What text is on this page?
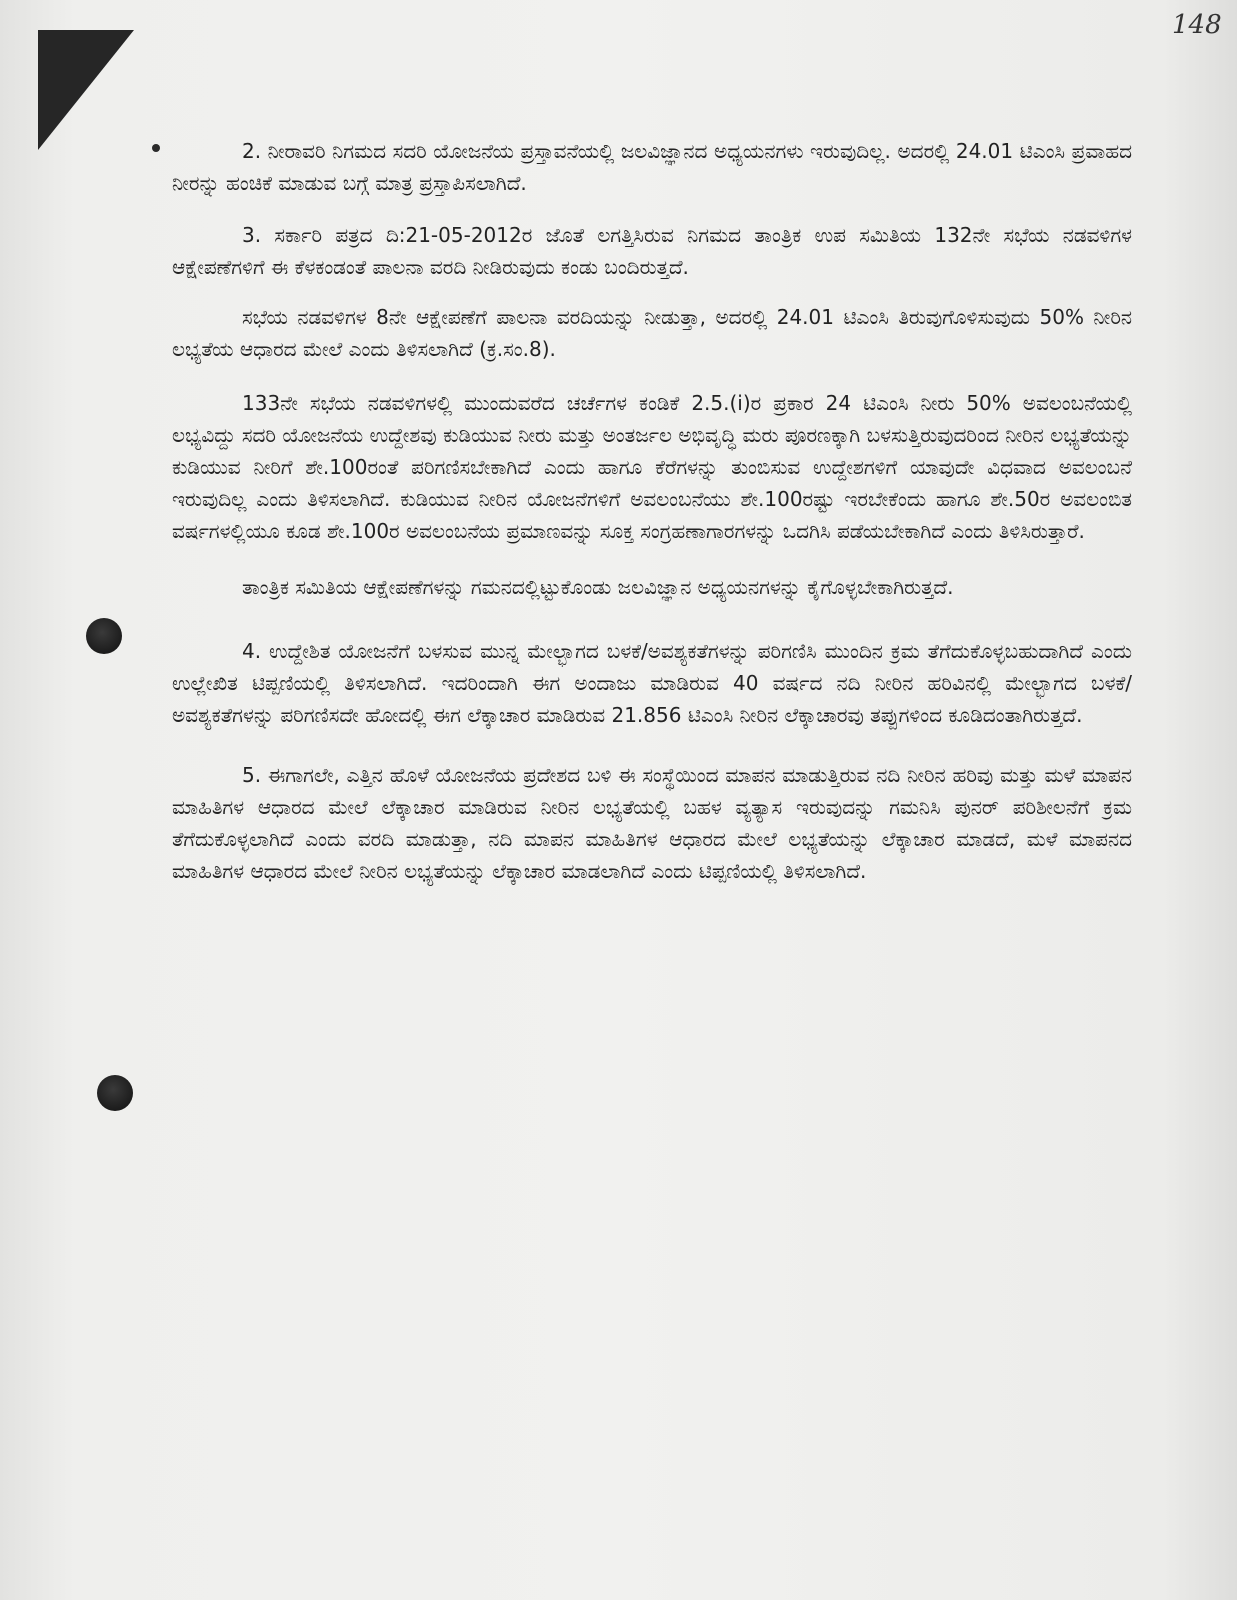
148

2. ನೀರಾವರಿ ನಿಗಮದ ಸದರಿ ಯೋಜನೆಯ ಪ್ರಸ್ತಾವನೆಯಲ್ಲಿ ಜಲವಿಜ್ಞಾನದ ಅಧ್ಯಯನಗಳು ಇರುವುದಿಲ್ಲ. ಅದರಲ್ಲಿ 24.01 ಟಿಎಂಸಿ ಪ್ರವಾಹದ ನೀರನ್ನು ಹಂಚಿಕೆ ಮಾಡುವ ಬಗ್ಗೆ ಮಾತ್ರ ಪ್ರಸ್ತಾಪಿಸಲಾಗಿದೆ.

3. ಸರ್ಕಾರಿ ಪತ್ರದ ದಿ:21-05-2012ರ ಜೊತೆ ಲಗತ್ತಿಸಿರುವ ನಿಗಮದ ತಾಂತ್ರಿಕ ಉಪ ಸಮಿತಿಯ 132ನೇ ಸಭೆಯ ನಡವಳಿಗಳ ಆಕ್ಷೇಪಣೆಗಳಿಗೆ ಈ ಕೆಳಕಂಡಂತೆ ಪಾಲನಾ ವರದಿ ನೀಡಿರುವುದು ಕಂಡು ಬಂದಿರುತ್ತದೆ.

ಸಭೆಯ ನಡವಳಿಗಳ 8ನೇ ಆಕ್ಷೇಪಣೆಗೆ ಪಾಲನಾ ವರದಿಯನ್ನು ನೀಡುತ್ತಾ, ಅದರಲ್ಲಿ 24.01 ಟಿಎಂಸಿ ತಿರುವುಗೊಳಿಸುವುದು 50% ನೀರಿನ ಲಭ್ಯತೆಯ ಆಧಾರದ ಮೇಲೆ ಎಂದು ತಿಳಿಸಲಾಗಿದೆ (ಕ್ರ.ಸಂ.8).

133ನೇ ಸಭೆಯ ನಡವಳಿಗಳಲ್ಲಿ ಮುಂದುವರೆದ ಚರ್ಚೆಗಳ ಕಂಡಿಕೆ 2.5.(i)ರ ಪ್ರಕಾರ 24 ಟಿಎಂಸಿ ನೀರು 50% ಅವಲಂಬನೆಯಲ್ಲಿ ಲಭ್ಯವಿದ್ದು ಸದರಿ ಯೋಜನೆಯ ಉದ್ದೇಶವು ಕುಡಿಯುವ ನೀರು ಮತ್ತು ಅಂತರ್ಜಲ ಅಭಿವೃದ್ಧಿ ಮರು ಪೂರಣಕ್ಕಾಗಿ ಬಳಸುತ್ತಿರುವುದರಿಂದ ನೀರಿನ ಲಭ್ಯತೆಯನ್ನು ಕುಡಿಯುವ ನೀರಿಗೆ ಶೇ.100ರಂತೆ ಪರಿಗಣಿಸಬೇಕಾಗಿದೆ ಎಂದು ಹಾಗೂ ಕೆರೆಗಳನ್ನು ತುಂಬಿಸುವ ಉದ್ದೇಶಗಳಿಗೆ ಯಾವುದೇ ವಿಧವಾದ ಅವಲಂಬನೆ ಇರುವುದಿಲ್ಲ ಎಂದು ತಿಳಿಸಲಾಗಿದೆ. ಕುಡಿಯುವ ನೀರಿನ ಯೋಜನೆಗಳಿಗೆ ಅವಲಂಬನೆಯು ಶೇ.100ರಷ್ಟು ಇರಬೇಕೆಂದು ಹಾಗೂ ಶೇ.50ರ ಅವಲಂಬಿತ ವರ್ಷಗಳಲ್ಲಿಯೂ ಕೂಡ ಶೇ.100ರ ಅವಲಂಬನೆಯ ಪ್ರಮಾಣವನ್ನು ಸೂಕ್ತ ಸಂಗ್ರಹಣಾಗಾರಗಳನ್ನು ಒದಗಿಸಿ ಪಡೆಯಬೇಕಾಗಿದೆ ಎಂದು ತಿಳಿಸಿರುತ್ತಾರೆ.

ತಾಂತ್ರಿಕ ಸಮಿತಿಯ ಆಕ್ಷೇಪಣೆಗಳನ್ನು ಗಮನದಲ್ಲಿಟ್ಟುಕೊಂಡು ಜಲವಿಜ್ಞಾನ ಅಧ್ಯಯನಗಳನ್ನು ಕೈಗೊಳ್ಳಬೇಕಾಗಿರುತ್ತದೆ.

4. ಉದ್ದೇಶಿತ ಯೋಜನೆಗೆ ಬಳಸುವ ಮುನ್ನ ಮೇಲ್ಭಾಗದ ಬಳಕೆ/ಅವಶ್ಯಕತೆಗಳನ್ನು ಪರಿಗಣಿಸಿ ಮುಂದಿನ ಕ್ರಮ ತೆಗೆದುಕೊಳ್ಳಬಹುದಾಗಿದೆ ಎಂದು ಉಲ್ಲೇಖಿತ ಟಿಪ್ಪಣಿಯಲ್ಲಿ ತಿಳಿಸಲಾಗಿದೆ. ಇದರಿಂದಾಗಿ ಈಗ ಅಂದಾಜು ಮಾಡಿರುವ 40 ವರ್ಷದ ನದಿ ನೀರಿನ ಹರಿವಿನಲ್ಲಿ ಮೇಲ್ಭಾಗದ ಬಳಕೆ/ಅವಶ್ಯಕತೆಗಳನ್ನು ಪರಿಗಣಿಸದೇ ಹೋದಲ್ಲಿ ಈಗ ಲೆಕ್ಕಾಚಾರ ಮಾಡಿರುವ 21.856 ಟಿಎಂಸಿ ನೀರಿನ ಲೆಕ್ಕಾಚಾರವು ತಪ್ಪುಗಳಿಂದ ಕೂಡಿದಂತಾಗಿರುತ್ತದೆ.

5. ಈಗಾಗಲೇ, ಎತ್ತಿನ ಹೊಳೆ ಯೋಜನೆಯ ಪ್ರದೇಶದ ಬಳಿ ಈ ಸಂಸ್ಥೆಯಿಂದ ಮಾಪನ ಮಾಡುತ್ತಿರುವ ನದಿ ನೀರಿನ ಹರಿವು ಮತ್ತು ಮಳೆ ಮಾಪನ ಮಾಹಿತಿಗಳ ಆಧಾರದ ಮೇಲೆ ಲೆಕ್ಕಾಚಾರ ಮಾಡಿರುವ ನೀರಿನ ಲಭ್ಯತೆಯಲ್ಲಿ ಬಹಳ ವ್ಯತ್ಯಾಸ ಇರುವುದನ್ನು ಗಮನಿಸಿ ಪುನರ್ ಪರಿಶೀಲನೆಗೆ ಕ್ರಮ ತೆಗೆದುಕೊಳ್ಳಲಾಗಿದೆ ಎಂದು ವರದಿ ಮಾಡುತ್ತಾ, ನದಿ ಮಾಪನ ಮಾಹಿತಿಗಳ ಆಧಾರದ ಮೇಲೆ ಲಭ್ಯತೆಯನ್ನು ಲೆಕ್ಕಾಚಾರ ಮಾಡದೆ, ಮಳೆ ಮಾಪನದ ಮಾಹಿತಿಗಳ ಆಧಾರದ ಮೇಲೆ ನೀರಿನ ಲಭ್ಯತೆಯನ್ನು ಲೆಕ್ಕಾಚಾರ ಮಾಡಲಾಗಿದೆ ಎಂದು ಟಿಪ್ಪಣಿಯಲ್ಲಿ ತಿಳಿಸಲಾಗಿದೆ.
